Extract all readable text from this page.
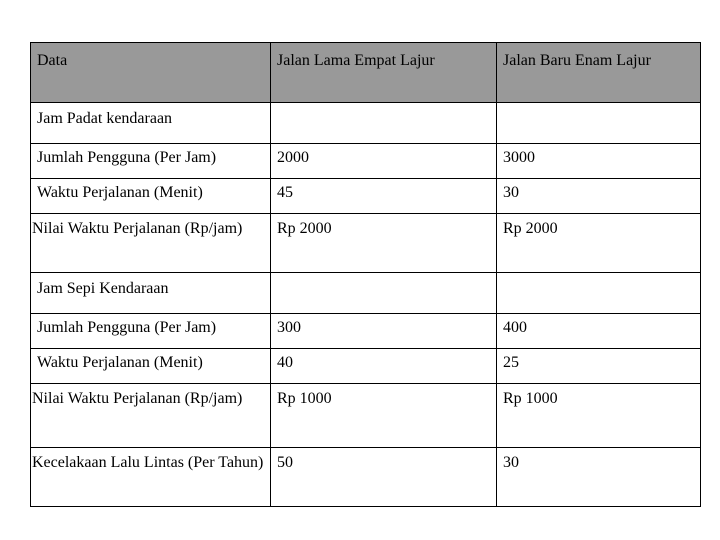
Data	Jalan Lama Empat Lajur	Jalan Baru Enam Lajur
Jam Padat kendaraan		
Jumlah Pengguna (Per Jam)	2000	3000
Waktu Perjalanan (Menit)	45	30
Nilai Waktu Perjalanan (Rp/jam)	Rp 2000	Rp 2000
Jam Sepi Kendaraan		
Jumlah Pengguna (Per Jam)	300	400
Waktu Perjalanan (Menit)	40	25
Nilai Waktu Perjalanan (Rp/jam)	Rp 1000	Rp 1000
Kecelakaan Lalu Lintas (Per Tahun)	50	30
